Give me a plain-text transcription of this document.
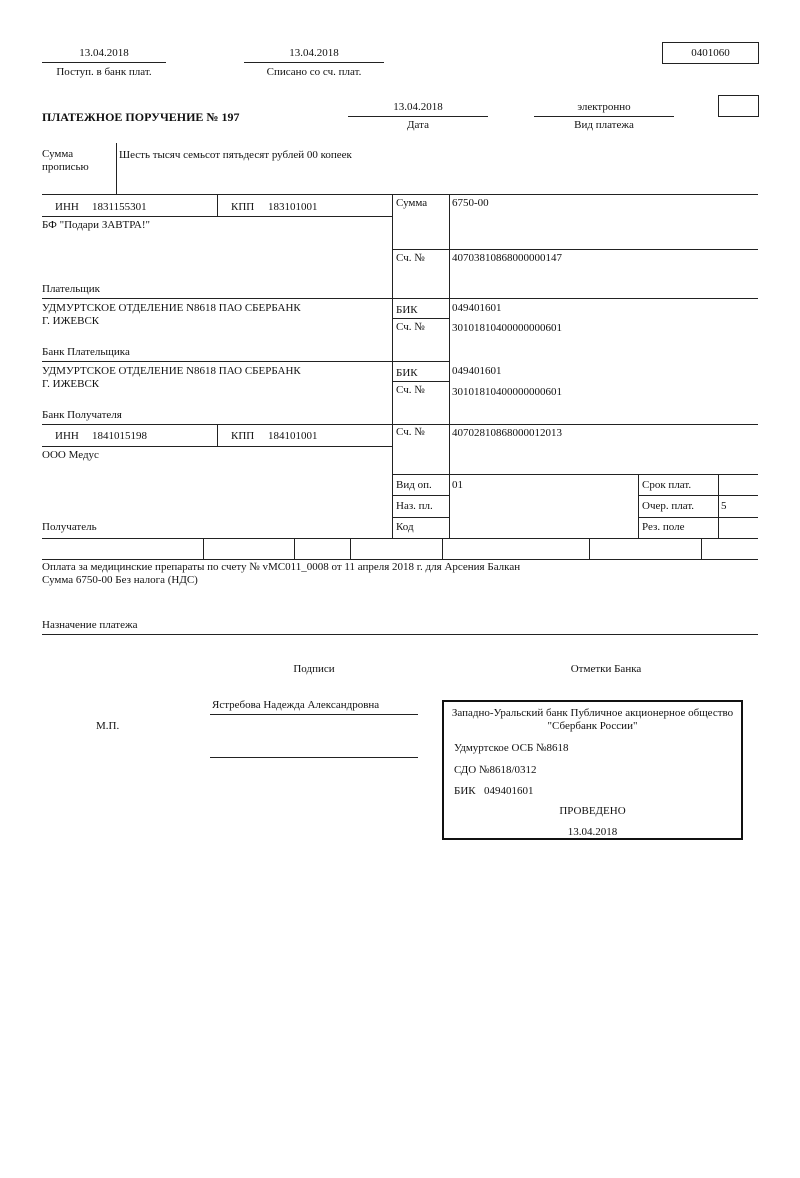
13.04.2018
Поступ. в банк плат.
13.04.2018
Списано со сч. плат.
0401060
ПЛАТЕЖНОЕ ПОРУЧЕНИЕ № 197
13.04.2018
Дата
электронно
Вид платежа
Сумма прописью
Шесть тысяч семьсот пятьдесят рублей 00 копеек
ИНН 1831155301	КПП 183101001	Сумма 6750-00
БФ "Подари ЗАВТРА!"
Сч. № 40703810868000000147
Плательщик
УДМУРТСКОЕ ОТДЕЛЕНИЕ N8618 ПАО СБЕРБАНК
Г. ИЖЕВСК
БИК	049401601
Сч. № 30101810400000000601
Банк Плательщика
УДМУРТСКОЕ ОТДЕЛЕНИЕ N8618 ПАО СБЕРБАНК
Г. ИЖЕВСК
БИК	049401601
Сч. № 30101810400000000601
Банк Получателя
ИНН 1841015198	КПП 184101001	Сч. № 40702810868000012013
ООО Медус
Вид оп. 01	Срок плат.
Наз. пл.	Очер. плат. 5
Код	Рез. поле
Получатель
Оплата за медицинские препараты по счету № vMC011_0008 от 11 апреля 2018 г. для Арсения Балкан
Сумма 6750-00 Без налога (НДС)
Назначение платежа
Подписи	Отметки Банка
М.П.
Ястребова Надежда Александровна
Западно-Уральский банк Публичное акционерное общество
"Сбербанк России"
Удмуртское ОСБ №8618
СДО №8618/0312
БИК 049401601
ПРОВЕДЕНО
13.04.2018
